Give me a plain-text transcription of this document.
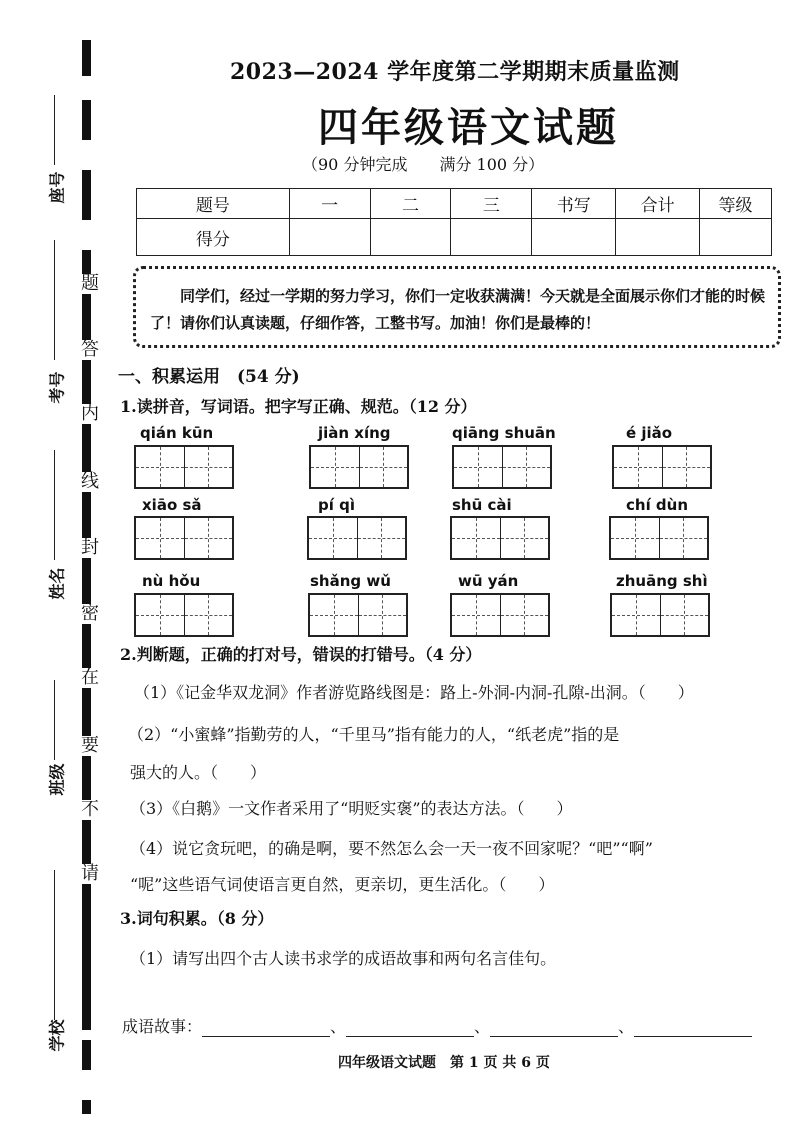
题
答
内
线
封
密
在
要
不
请
座号
考号
姓名
班级
学校
2023—2024 学年度第二学期期末质量监测
四年级语文试题
（90 分钟完成　　满分 100 分）
题号	一	二	三	书写	合计	等级
得分						

同学们，经过一学期的努力学习，你们一定收获满满！今天就是全面展示你们才能的时候了！请你们认真读题，仔细作答，工整书写。加油！你们是最棒的！

一、积累运用　(54 分)
1.读拼音，写词语。把字写正确、规范。（12 分）
qián kūn	jiàn xíng	qiāng shuān	é jiǎo
xiāo sǎ	pí qì	shū cài	chí dùn
nù hǒu	shǎng wǔ	wū yán	zhuāng shì
2.判断题，正确的打对号，错误的打错号。（4 分）
（1）《记金华双龙洞》作者游览路线图是：路上-外洞-内洞-孔隙-出洞。（　　）
（2）“小蜜蜂”指勤劳的人，“千里马”指有能力的人，“纸老虎”指的是
强大的人。（　　）
（3）《白鹅》一文作者采用了“明贬实褒”的表达方法。（　　）
（4）说它贪玩吧，的确是啊，要不然怎么会一天一夜不回家呢？“吧”“啊”
“呢”这些语气词使语言更自然，更亲切，更生活化。（　　）
3.词句积累。（8 分）
（1）请写出四个古人读书求学的成语故事和两句名言佳句。
成语故事：	、	、	、
四年级语文试题　第 1 页 共 6 页
